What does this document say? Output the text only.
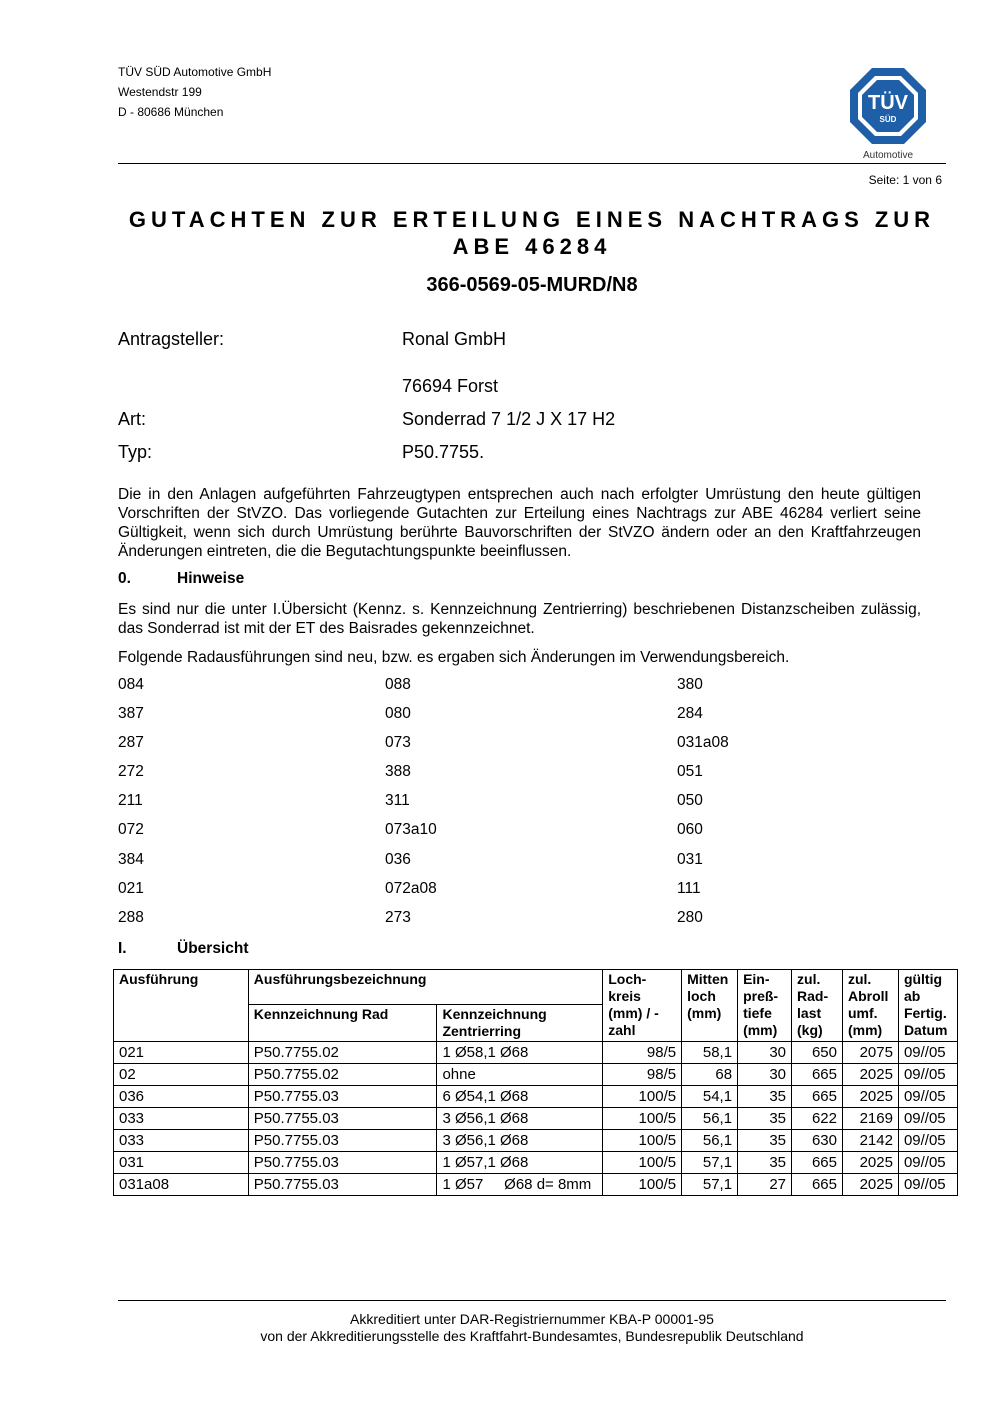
TÜV SÜD Automotive GmbH
Westendstr 199
D - 80686 München	TÜV
SÜD
Automotive
Seite: 1 von 6
GUTACHTEN ZUR ERTEILUNG EINES NACHTRAGS ZUR ABE 46284
366-0569-05-MURD/N8
Antragsteller:	Ronal GmbH
76694 Forst
Art:	Sonderrad 7 1/2 J X 17 H2
Typ:	P50.7755.
Die in den Anlagen aufgeführten Fahrzeugtypen entsprechen auch nach erfolgter Umrüstung den heute gültigen Vorschriften der StVZO. Das vorliegende Gutachten zur Erteilung eines Nachtrags zur ABE 46284 verliert seine Gültigkeit, wenn sich durch Umrüstung berührte Bauvorschriften der StVZO ändern oder an den Kraftfahrzeugen Änderungen eintreten, die die Begutachtungspunkte beeinflussen.
0.	Hinweise
Es sind nur die unter I.Übersicht (Kennz. s. Kennzeichnung Zentrierring) beschriebenen Distanzscheiben zulässig, das Sonderrad ist mit der ET des Baisrades gekennzeichnet.
Folgende Radausführungen sind neu, bzw. es ergaben sich Änderungen im Verwendungsbereich.
084	088	380
387	080	284
287	073	031a08
272	388	051
211	311	050
072	073a10	060
384	036	031
021	072a08	111
288	273	280
I.	Übersicht
Ausführung	Ausführungsbezeichnung		Loch- kreis (mm) / -zahl	Mitten loch (mm)	Ein- preß- tiefe (mm)	zul. Rad- last (kg)	zul. Abroll umf. (mm)	gültig ab Fertig. Datum
	Kennzeichnung Rad	Kennzeichnung Zentrierring						
021	P50.7755.02	1 Ø58,1 Ø68	98/5	58,1	30	650	2075	09//05
02	P50.7755.02	ohne	98/5	68	30	665	2025	09//05
036	P50.7755.03	6 Ø54,1 Ø68	100/5	54,1	35	665	2025	09//05
033	P50.7755.03	3 Ø56,1 Ø68	100/5	56,1	35	622	2169	09//05
033	P50.7755.03	3 Ø56,1 Ø68	100/5	56,1	35	630	2142	09//05
031	P50.7755.03	1 Ø57,1 Ø68	100/5	57,1	35	665	2025	09//05
031a08	P50.7755.03	1 Ø57     Ø68 d= 8mm	100/5	57,1	27	665	2025	09//05
Akkreditiert unter DAR-Registriernummer KBA-P 00001-95
von der Akkreditierungsstelle des Kraftfahrt-Bundesamtes, Bundesrepublik Deutschland
